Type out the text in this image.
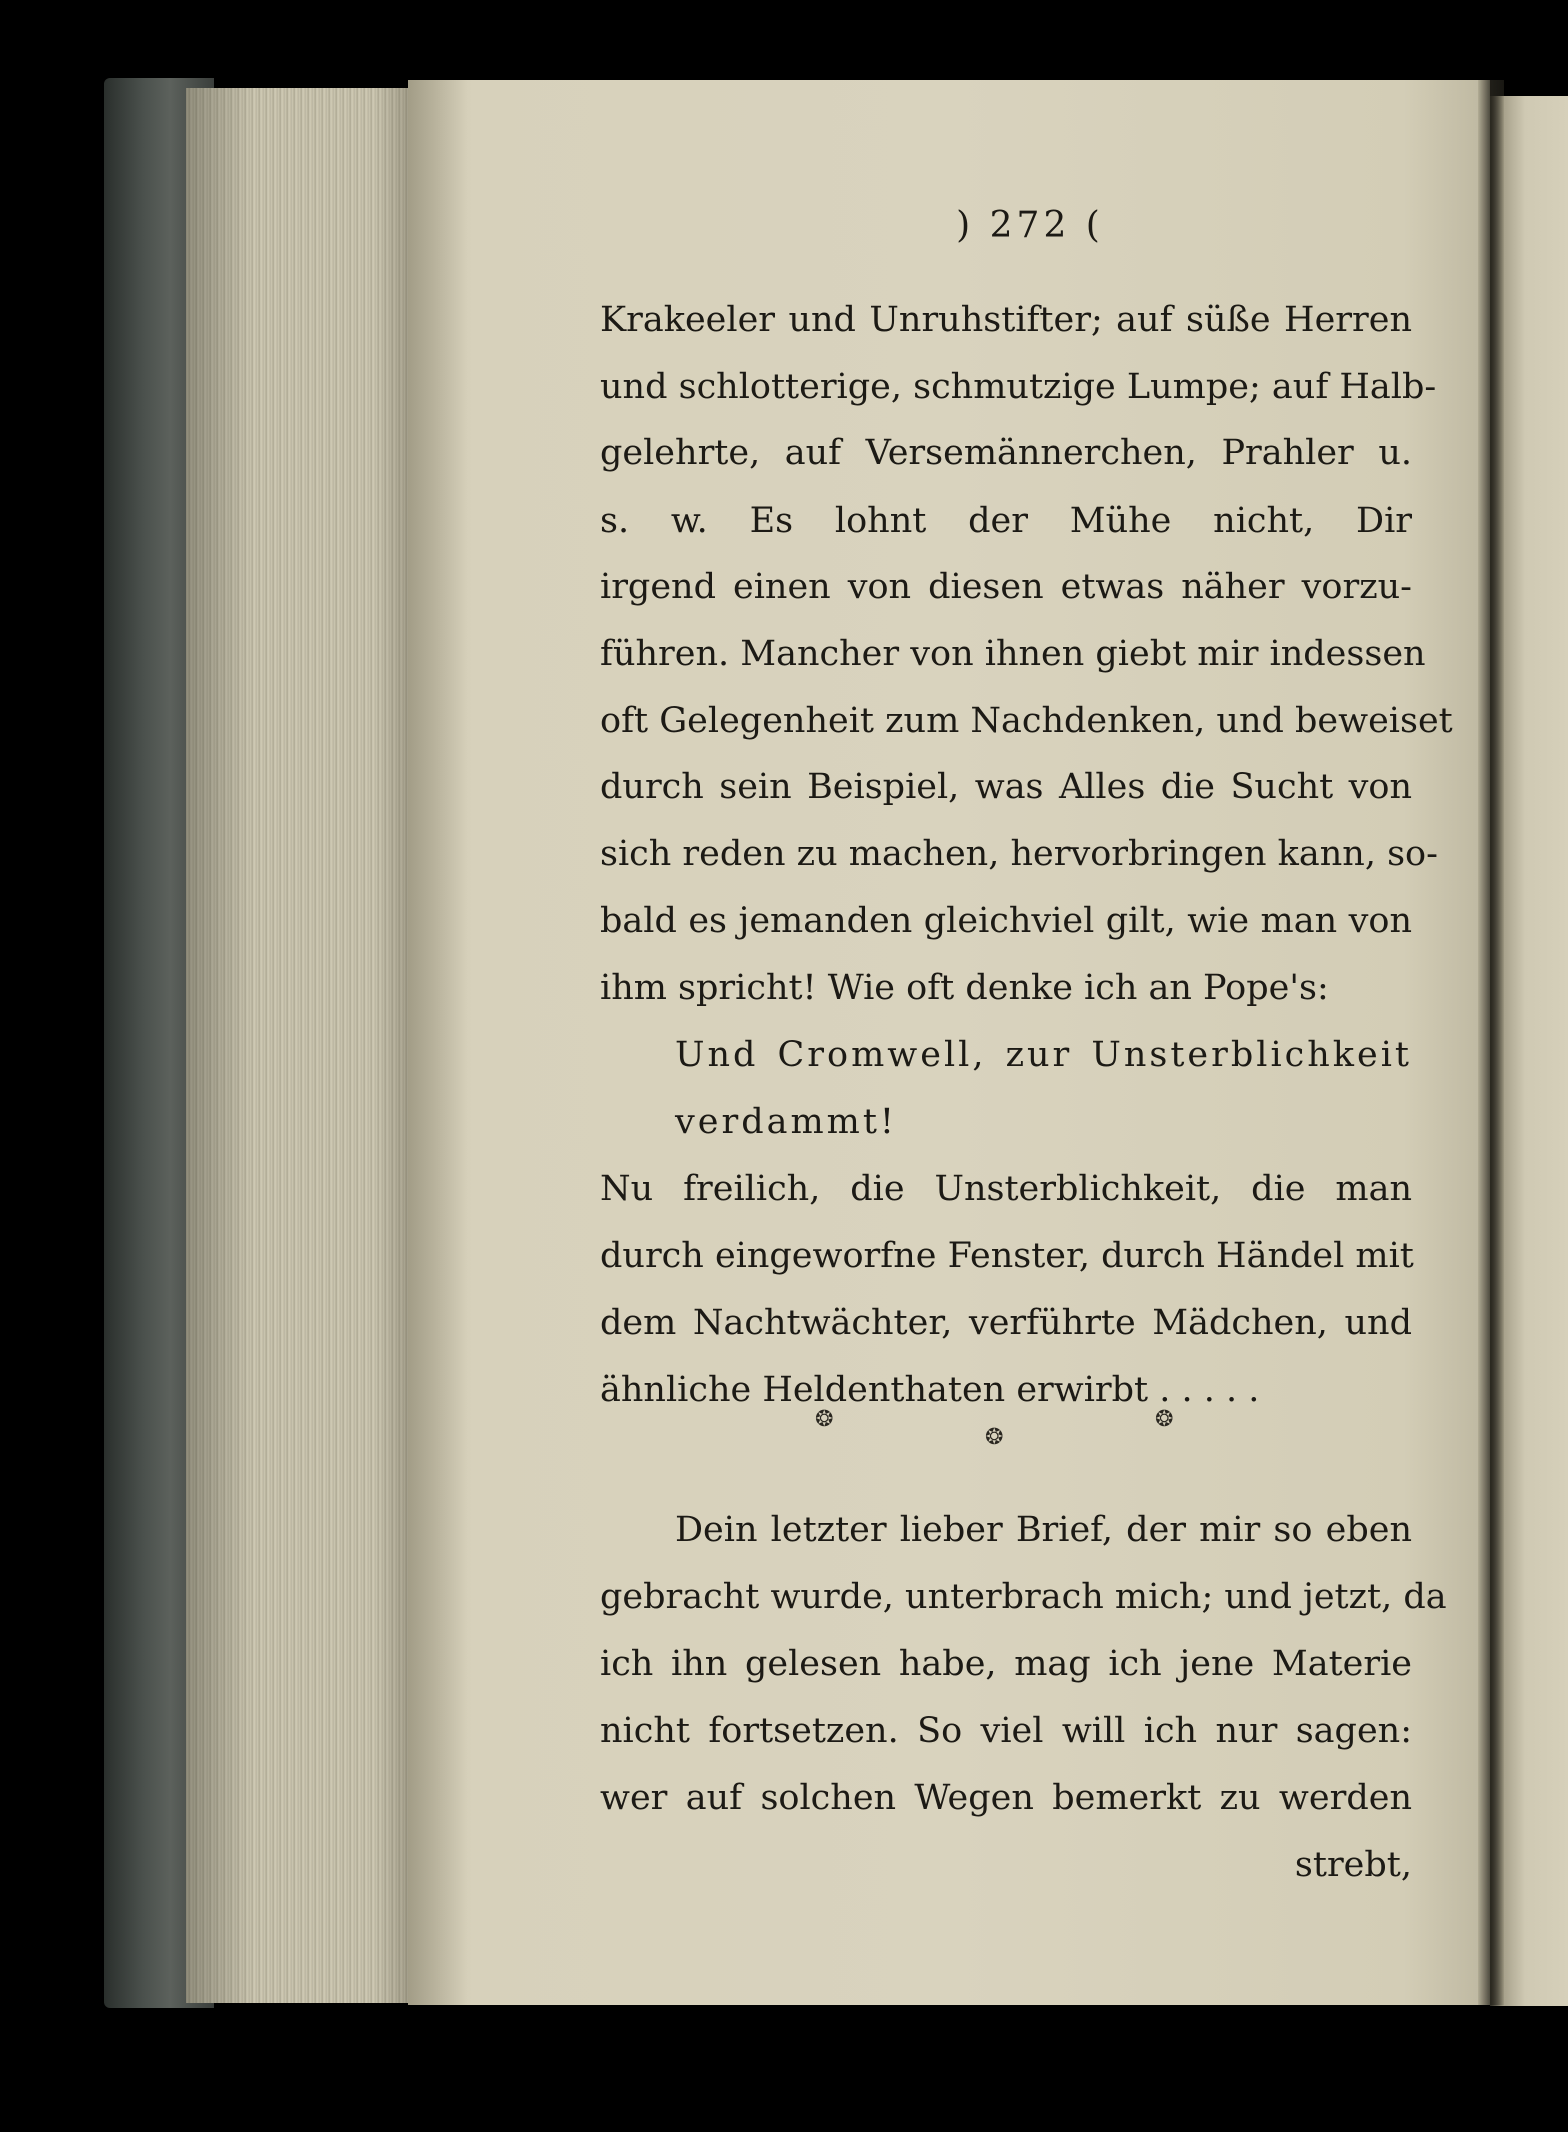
) 272 (
Krakeeler und Unruhstifter; auf süße Herren
und schlotterige, schmutzige Lumpe; auf Halb-
gelehrte, auf Versemännerchen, Prahler u.
s. w. Es lohnt der Mühe nicht, Dir
irgend einen von diesen etwas näher vorzu-
führen. Mancher von ihnen giebt mir indessen
oft Gelegenheit zum Nachdenken, und beweiset
durch sein Beispiel, was Alles die Sucht von
sich reden zu machen, hervorbringen kann, so-
bald es jemanden gleichviel gilt, wie man von
ihm spricht! Wie oft denke ich an Pope's:
Und Cromwell, zur Unsterblichkeit
verdammt!
Nu freilich, die Unsterblichkeit, die man
durch eingeworfne Fenster, durch Händel mit
dem Nachtwächter, verführte Mädchen, und
ähnliche Heldenthaten erwirbt . . . . .
❂
❂
❂
Dein letzter lieber Brief, der mir so eben
gebracht wurde, unterbrach mich; und jetzt, da
ich ihn gelesen habe, mag ich jene Materie
nicht fortsetzen. So viel will ich nur sagen:
wer auf solchen Wegen bemerkt zu werden
strebt,
